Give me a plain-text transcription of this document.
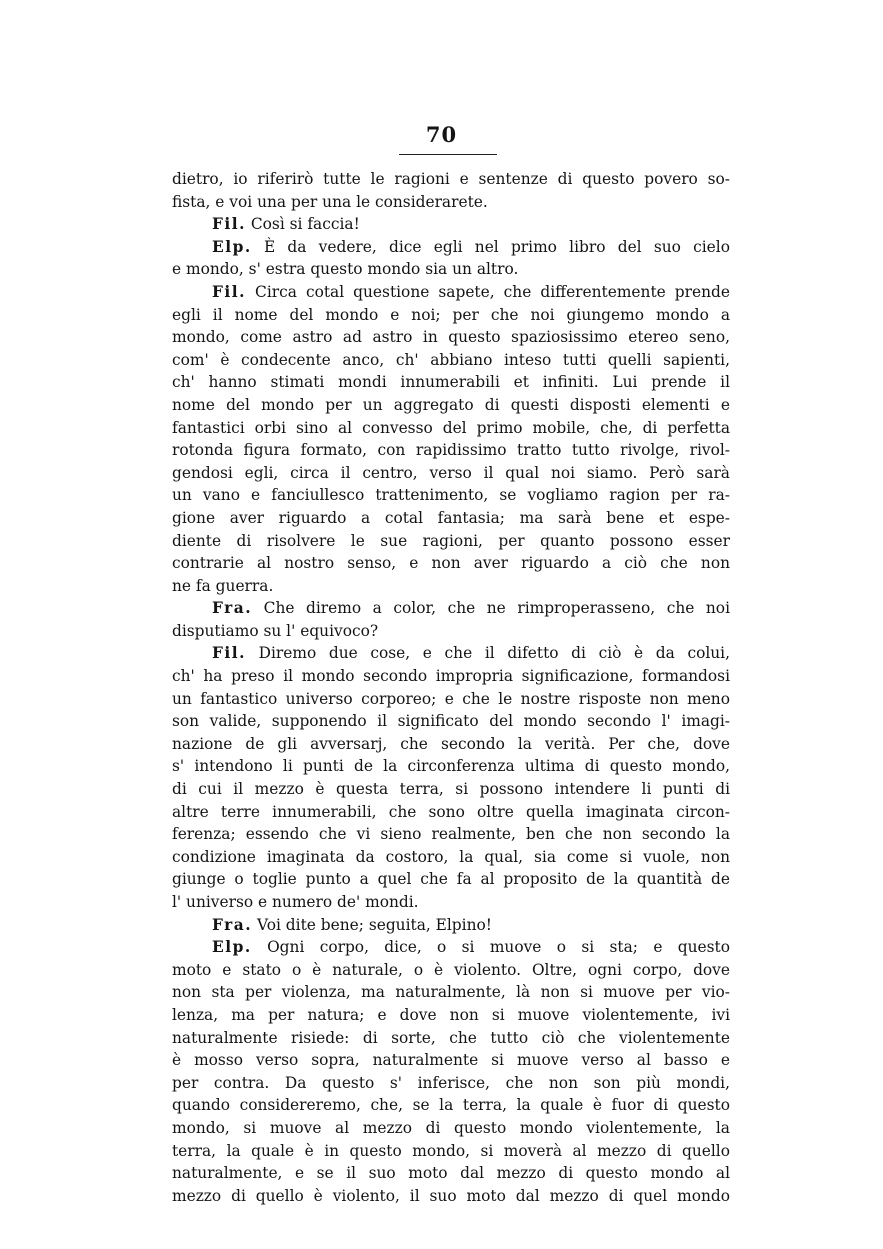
70
dietro, io riferirò tutte le ragioni e sentenze di questo povero so-
fista, e voi una per una le considerarete.
Fil. Così si faccia!
Elp. È da vedere, dice egli nel primo libro del suo cielo
e mondo, s' estra questo mondo sia un altro.
Fil. Circa cotal questione sapete, che differentemente prende
egli il nome del mondo e noi; per che noi giungemo mondo a
mondo, come astro ad astro in questo spaziosissimo etereo seno,
com' è condecente anco, ch' abbiano inteso tutti quelli sapienti,
ch' hanno stimati mondi innumerabili et infiniti. Lui prende il
nome del mondo per un aggregato di questi disposti elementi e
fantastici orbi sino al convesso del primo mobile, che, di perfetta
rotonda figura formato, con rapidissimo tratto tutto rivolge, rivol-
gendosi egli, circa il centro, verso il qual noi siamo. Però sarà
un vano e fanciullesco trattenimento, se vogliamo ragion per ra-
gione aver riguardo a cotal fantasia; ma sarà bene et espe-
diente di risolvere le sue ragioni, per quanto possono esser
contrarie al nostro senso, e non aver riguardo a ciò che non
ne fa guerra.
Fra. Che diremo a color, che ne rimproperasseno, che noi
disputiamo su l' equivoco?
Fil. Diremo due cose, e che il difetto di ciò è da colui,
ch' ha preso il mondo secondo impropria significazione, formandosi
un fantastico universo corporeo; e che le nostre risposte non meno
son valide, supponendo il significato del mondo secondo l' imagi-
nazione de gli avversarj, che secondo la verità. Per che, dove
s' intendono li punti de la circonferenza ultima di questo mondo,
di cui il mezzo è questa terra, si possono intendere li punti di
altre terre innumerabili, che sono oltre quella imaginata circon-
ferenza; essendo che vi sieno realmente, ben che non secondo la
condizione imaginata da costoro, la qual, sia come si vuole, non
giunge o toglie punto a quel che fa al proposito de la quantità de
l' universo e numero de' mondi.
Fra. Voi dite bene; seguita, Elpino!
Elp. Ogni corpo, dice, o si muove o si sta; e questo
moto e stato o è naturale, o è violento. Oltre, ogni corpo, dove
non sta per violenza, ma naturalmente, là non si muove per vio-
lenza, ma per natura; e dove non si muove violentemente, ivi
naturalmente risiede: di sorte, che tutto ciò che violentemente
è mosso verso sopra, naturalmente si muove verso al basso e
per contra. Da questo s' inferisce, che non son più mondi,
quando considereremo, che, se la terra, la quale è fuor di questo
mondo, si muove al mezzo di questo mondo violentemente, la
terra, la quale è in questo mondo, si moverà al mezzo di quello
naturalmente, e se il suo moto dal mezzo di questo mondo al
mezzo di quello è violento, il suo moto dal mezzo di quel mondo
